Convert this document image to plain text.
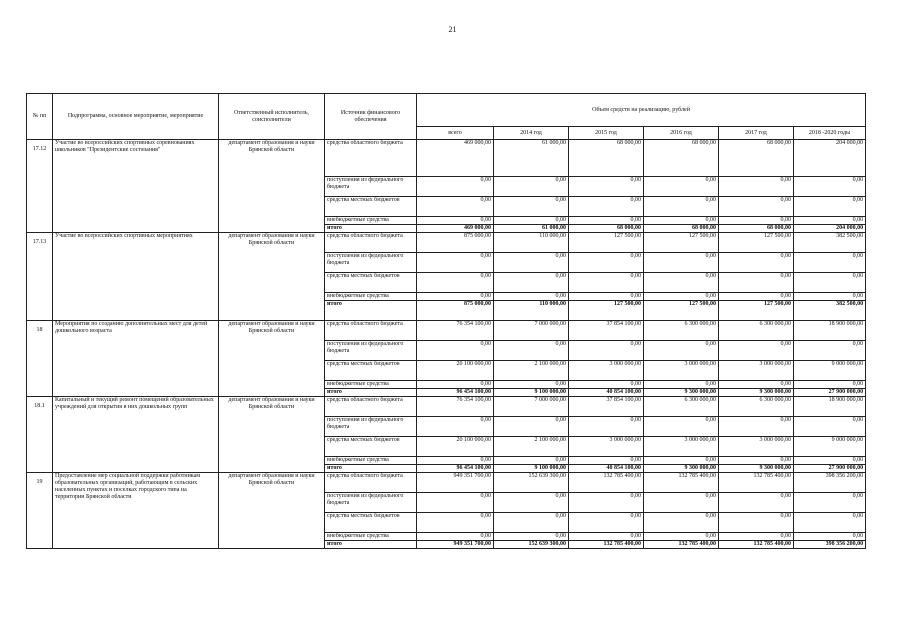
21
№ пп	Подпрограмма, основное мероприятие, мероприятие	Ответственный исполнитель, соисполнители	Источник финансового обеспечения	Объем средств на реализацию, рублей					
				всего	2014 год	2015 год	2016 год	2017 год	2018 -2020 годы
17.12	Участие во всероссийских спортивных соревнованиях школьников "Президентские состязания"	департамент образования и науки Брянской области	средства областного бюджета	469 000,00	61 000,00	68 000,00	68 000,00	68 000,00	204 000,00
			поступления из федерального бюджета	0,00	0,00	0,00	0,00	0,00	0,00
			средства местных бюджетов	0,00	0,00	0,00	0,00	0,00	0,00
			внебюджетные средства	0,00	0,00	0,00	0,00	0,00	0,00
			итого	469 000,00	61 000,00	68 000,00	68 000,00	68 000,00	204 000,00
17.13	Участие во всероссийских спортивных мероприятиях	департамент образования и науки Брянской области	средства областного бюджета	875 000,00	110 000,00	127 500,00	127 500,00	127 500,00	382 500,00
			поступления из федерального бюджета	0,00	0,00	0,00	0,00	0,00	0,00
			средства местных бюджетов	0,00	0,00	0,00	0,00	0,00	0,00
			внебюджетные средства	0,00	0,00	0,00	0,00	0,00	0,00
			итого	875 000,00	110 000,00	127 500,00	127 500,00	127 500,00	382 500,00
18	Мероприятия по созданию дополнительных мест для детей дошкольного возраста	департамент образования и науки Брянской области	средства областного бюджета	76 354 100,00	7 000 000,00	37 854 100,00	6 300 000,00	6 300 000,00	18 900 000,00
			поступления из федерального бюджета	0,00	0,00	0,00	0,00	0,00	0,00
			средства местных бюджетов	20 100 000,00	2 100 000,00	3 000 000,00	3 000 000,00	3 000 000,00	9 000 000,00
			внебюджетные средства	0,00	0,00	0,00	0,00	0,00	0,00
			итого	96 454 100,00	9 100 000,00	40 854 100,00	9 300 000,00	9 300 000,00	27 900 000,00
18.1	Капитальный и текущий ремонт помещений образовательных учреждений для открытия в них дошкольных групп	департамент образования и науки Брянской области	средства областного бюджета	76 354 100,00	7 000 000,00	37 854 100,00	6 300 000,00	6 300 000,00	18 900 000,00
			поступления из федерального бюджета	0,00	0,00	0,00	0,00	0,00	0,00
			средства местных бюджетов	20 100 000,00	2 100 000,00	3 000 000,00	3 000 000,00	3 000 000,00	9 000 000,00
			внебюджетные средства	0,00	0,00	0,00	0,00	0,00	0,00
			итого	96 454 100,00	9 100 000,00	40 854 100,00	9 300 000,00	9 300 000,00	27 900 000,00
19	Предоставление мер социальной поддержки работникам образовательных организаций, работающим в сельских населенных пунктах и поселках городского типа на территории Брянской области	департамент образования и науки Брянской области	средства областного бюджета	949 351 700,00	152 639 300,00	132 785 400,00	132 785 400,00	132 785 400,00	398 356 200,00
			поступления из федерального бюджета	0,00	0,00	0,00	0,00	0,00	0,00
			средства местных бюджетов	0,00	0,00	0,00	0,00	0,00	0,00
			внебюджетные средства	0,00	0,00	0,00	0,00	0,00	0,00
			итого	949 351 700,00	152 639 300,00	132 785 400,00	132 785 400,00	132 785 400,00	398 356 200,00
